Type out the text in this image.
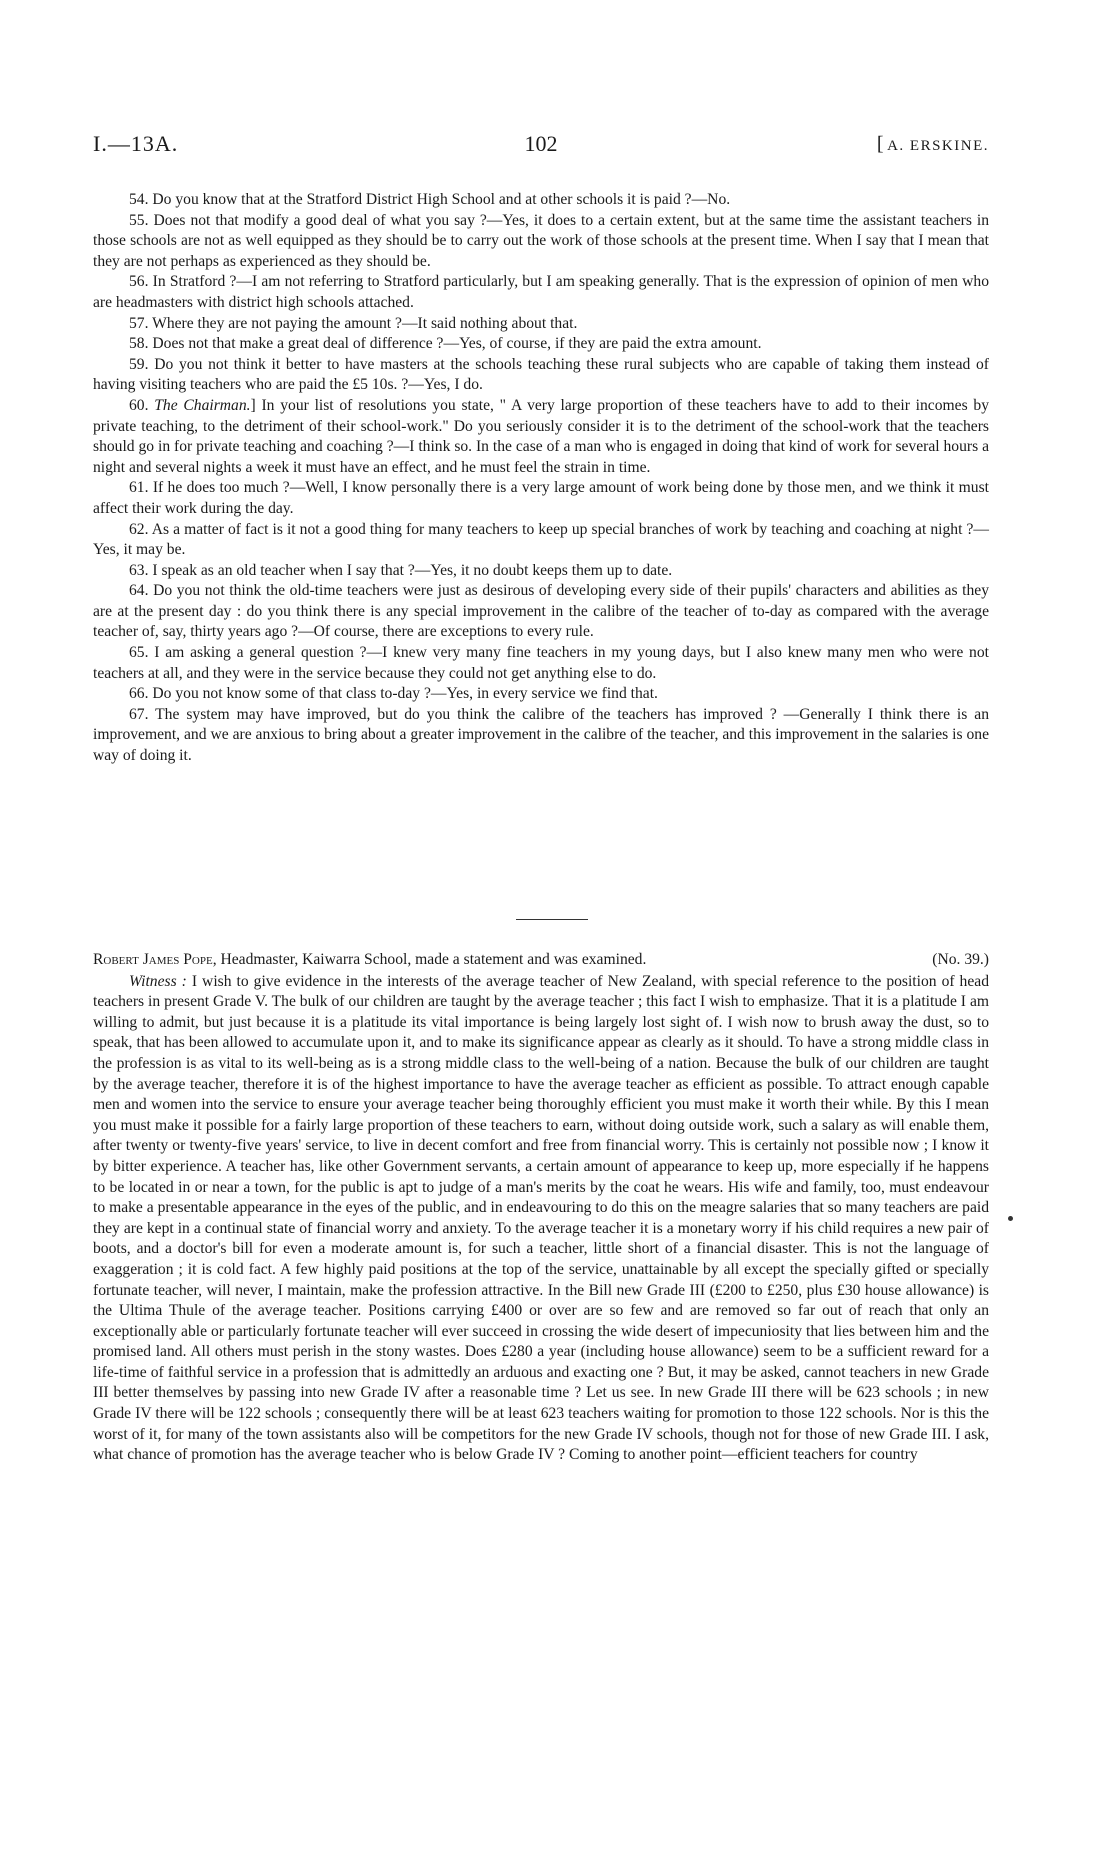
I.—13A.	102	[ A. ERSKINE.

54. Do you know that at the Stratford District High School and at other schools it is paid ?—No.

55. Does not that modify a good deal of what you say ?—Yes, it does to a certain extent, but at the same time the assistant teachers in those schools are not as well equipped as they should be to carry out the work of those schools at the present time. When I say that I mean that they are not perhaps as experienced as they should be.

56. In Stratford ?—I am not referring to Stratford particularly, but I am speaking generally. That is the expression of opinion of men who are headmasters with district high schools attached.

57. Where they are not paying the amount ?—It said nothing about that.

58. Does not that make a great deal of difference ?—Yes, of course, if they are paid the extra amount.

59. Do you not think it better to have masters at the schools teaching these rural subjects who are capable of taking them instead of having visiting teachers who are paid the £5 10s. ?—Yes, I do.

60. The Chairman.] In your list of resolutions you state, " A very large proportion of these teachers have to add to their incomes by private teaching, to the detriment of their school-work." Do you seriously consider it is to the detriment of the school-work that the teachers should go in for private teaching and coaching ?—I think so. In the case of a man who is engaged in doing that kind of work for several hours a night and several nights a week it must have an effect, and he must feel the strain in time.

61. If he does too much ?—Well, I know personally there is a very large amount of work being done by those men, and we think it must affect their work during the day.

62. As a matter of fact is it not a good thing for many teachers to keep up special branches of work by teaching and coaching at night ?—Yes, it may be.

63. I speak as an old teacher when I say that ?—Yes, it no doubt keeps them up to date.

64. Do you not think the old-time teachers were just as desirous of developing every side of their pupils' characters and abilities as they are at the present day : do you think there is any special improvement in the calibre of the teacher of to-day as compared with the average teacher of, say, thirty years ago ?—Of course, there are exceptions to every rule.

65. I am asking a general question ?—I knew very many fine teachers in my young days, but I also knew many men who were not teachers at all, and they were in the service because they could not get anything else to do.

66. Do you not know some of that class to-day ?—Yes, in every service we find that.

67. The system may have improved, but do you think the calibre of the teachers has improved ? —Generally I think there is an improvement, and we are anxious to bring about a greater improvement in the calibre of the teacher, and this improvement in the salaries is one way of doing it.

Robert James Pope, Headmaster, Kaiwarra School, made a statement and was examined.	(No. 39.)

Witness : I wish to give evidence in the interests of the average teacher of New Zealand, with special reference to the position of head teachers in present Grade V. The bulk of our children are taught by the average teacher ; this fact I wish to emphasize. That it is a platitude I am willing to admit, but just because it is a platitude its vital importance is being largely lost sight of. I wish now to brush away the dust, so to speak, that has been allowed to accumulate upon it, and to make its significance appear as clearly as it should. To have a strong middle class in the profession is as vital to its well-being as is a strong middle class to the well-being of a nation. Because the bulk of our children are taught by the average teacher, therefore it is of the highest importance to have the average teacher as efficient as possible. To attract enough capable men and women into the service to ensure your average teacher being thoroughly efficient you must make it worth their while. By this I mean you must make it possible for a fairly large proportion of these teachers to earn, without doing outside work, such a salary as will enable them, after twenty or twenty-five years' service, to live in decent comfort and free from financial worry. This is certainly not possible now ; I know it by bitter experience. A teacher has, like other Government servants, a certain amount of appearance to keep up, more especially if he happens to be located in or near a town, for the public is apt to judge of a man's merits by the coat he wears. His wife and family, too, must endeavour to make a presentable appearance in the eyes of the public, and in endeavouring to do this on the meagre salaries that so many teachers are paid they are kept in a continual state of financial worry and anxiety. To the average teacher it is a monetary worry if his child requires a new pair of boots, and a doctor's bill for even a moderate amount is, for such a teacher, little short of a financial disaster. This is not the language of exaggeration ; it is cold fact. A few highly paid positions at the top of the service, unattainable by all except the specially gifted or specially fortunate teacher, will never, I maintain, make the profession attractive. In the Bill new Grade III (£200 to £250, plus £30 house allowance) is the Ultima Thule of the average teacher. Positions carrying £400 or over are so few and are removed so far out of reach that only an exceptionally able or particularly fortunate teacher will ever succeed in crossing the wide desert of impecuniosity that lies between him and the promised land. All others must perish in the stony wastes. Does £280 a year (including house allowance) seem to be a sufficient reward for a life-time of faithful service in a profession that is admittedly an arduous and exacting one ? But, it may be asked, cannot teachers in new Grade III better themselves by passing into new Grade IV after a reasonable time ? Let us see. In new Grade III there will be 623 schools ; in new Grade IV there will be 122 schools ; consequently there will be at least 623 teachers waiting for promotion to those 122 schools. Nor is this the worst of it, for many of the town assistants also will be competitors for the new Grade IV schools, though not for those of new Grade III. I ask, what chance of promotion has the average teacher who is below Grade IV ? Coming to another point—efficient teachers for country
